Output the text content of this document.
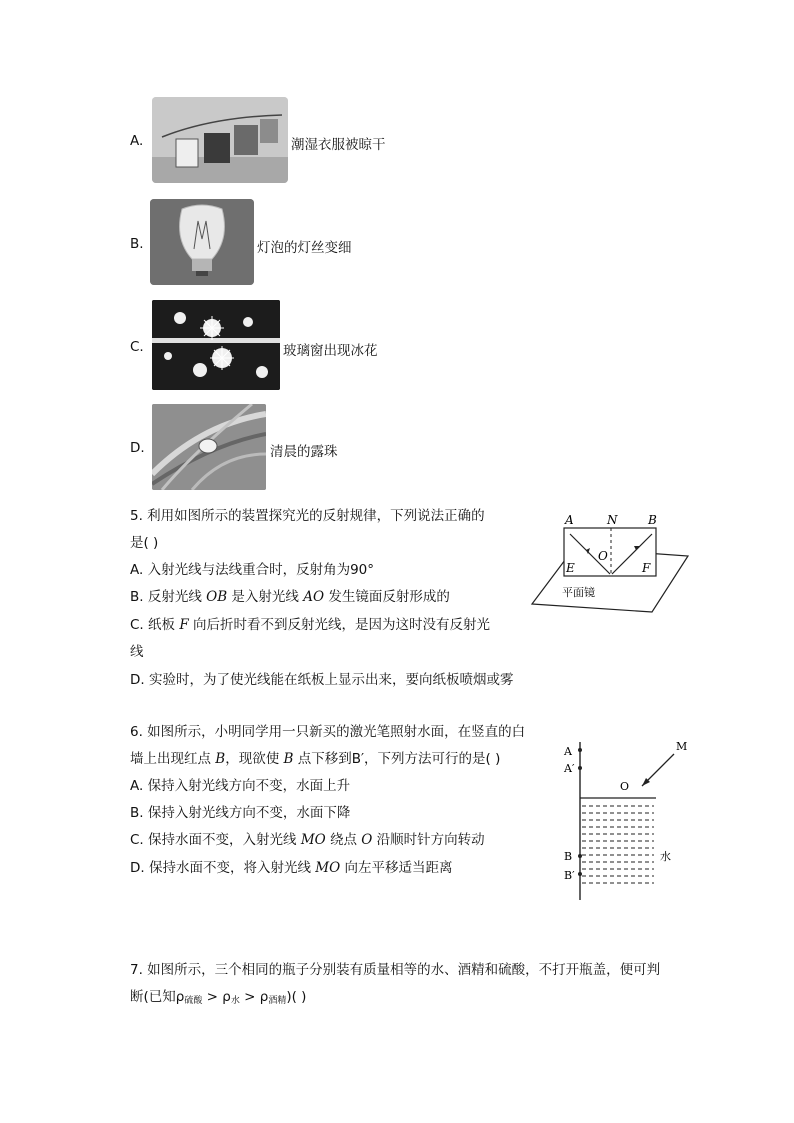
A.	潮湿衣服被晾干
B.	灯泡的灯丝变细
C.	玻璃窗出现冰花
D.	清晨的露珠
5. 利用如图所示的装置探究光的反射规律，下列说法正确的
是( )
A. 入射光线与法线重合时，反射角为90°
B. 反射光线 OB 是入射光线 AO 发生镜面反射形成的
C. 纸板 F 向后折时看不到反射光线，是因为这时没有反射光
线
D. 实验时，为了使光线能在纸板上显示出来，要向纸板喷烟或雾
A	N	B
O
E	F
平面镜
6. 如图所示，小明同学用一只新买的激光笔照射水面，在竖直的白
墙上出现红点 B，现欲使 B 点下移到B′，下列方法可行的是( )
A. 保持入射光线方向不变，水面上升
B. 保持入射光线方向不变，水面下降
C. 保持水面不变，入射光线 MO 绕点 O 沿顺时针方向转动
D. 保持水面不变，将入射光线 MO 向左平移适当距离
A
A′
M
O
B
B′
水
7. 如图所示，三个相同的瓶子分别装有质量相等的水、酒精和硫酸，不打开瓶盖，便可判
断(已知$\rho_{硫酸} > \rho_水 > \rho_{酒精}$)( )
